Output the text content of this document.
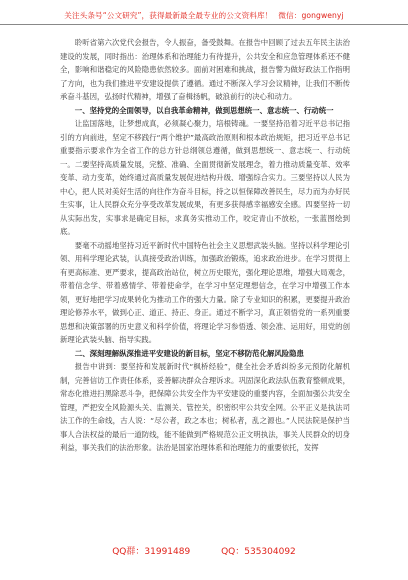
关注头条号“公文研究”，获得最新最全最专业的公文资料库！ 微信：gongwenyj

聆听省第六次党代会报告，令人振奋，备受鼓舞。在报告中回顾了过去五年民主法治建设的发展，同时指出：治理体系和治理能力有待提升，公共安全和应急管理体系还不健全，影响和谐稳定的风险隐患依然较多。面前对困难和挑战，报告警为做好政法工作指明了方向，也为我们推进平安建设提供了遵循。通过不断深入学习会议精神，让我们不断传承奋斗基因，弘扬时代精神，增强了奋楫扬帆，破浪前行的决心和动力。

一、坚持党的全面领导，以自我革命精神，做到思想统一、意志统一、行动统一

让监国落地，让梦想成真，必须凝心聚力，培根铸魂。一要坚持沿着习近平总书记指引的方向前进，坚定不移践行“两个维护”最高政治原则和根本政治规矩，把习近平总书记重要指示要求作为全省工作的总方针总纲领总遵循，做到思想统一、意志统一、行动统一。二要坚持高质量发展，完整、准确、全面贯彻新发展理念，着力推动质量变革、效率变革、动力变革，始终通过高质量发展促进结构升级、增强综合实力。三要坚持以人民为中心，把人民对美好生活的向往作为奋斗目标，持之以恒保障改善民生，尽力而为办好民生实事，让人民群众充分享受改革发展成果，有更多获得感幸福感安全感。四要坚持一切从实际出发，实事求是确定目标，求真务实推动工作，咬定青山不放松，一张蓝图绘到底。

要毫不动摇地坚持习近平新时代中国特色社会主义思想武装头脑。坚持以科学理论引领、用科学理论武装，认真接受政治训练，加强政治锻炼，追求政治进步。在学习贯彻上有更高标准、更严要求，提高政治站位，树立历史眼光，强化理论思维，增强大局观念，带着信念学、带着感情学、带着使命学，在学习中坚定理想信念，在学习中增强工作本领，更好地把学习成果转化为推动工作的强大力量。除了专业知识的积累，更要提升政治理论修养水平，做到心正、道正、持正、身正。通过不断学习，真正领悟党的一系列重要思想和决策部署的历史意义和科学价值，将理论学习参悟透、领会准、运用好，用党的创新理论武装头脑、指导实践。

二、深刻理解纵深推进平安建设的新目标，坚定不移防范化解风险隐患

报告中讲到：要坚持和发展新时代“枫桥经验”，健全社会矛盾纠纷多元预防化解机制，完善信访工作责任体系，妥善解决群众合理诉求。巩固深化政法队伍教育整顿成果，常态化推进扫黑除恶斗争，把保障公共安全作为平安建设的重要内容，全面加强公共安全管理，严把安全风险源头关、监测关、管控关，织密织牢公共安全网。公平正义是执法司法工作的生命线，古人说：“尽公者，政之本也；树私者，乱之源也。”人民法院是保护当事人合法权益的最后一道防线，能不能做到严格规范公正文明执法，事关人民群众的切身利益，事关我们的法治形象。法治是国家治理体系和治理能力的重要依托，发挥

QQ群：31991489	QQ：535304092
